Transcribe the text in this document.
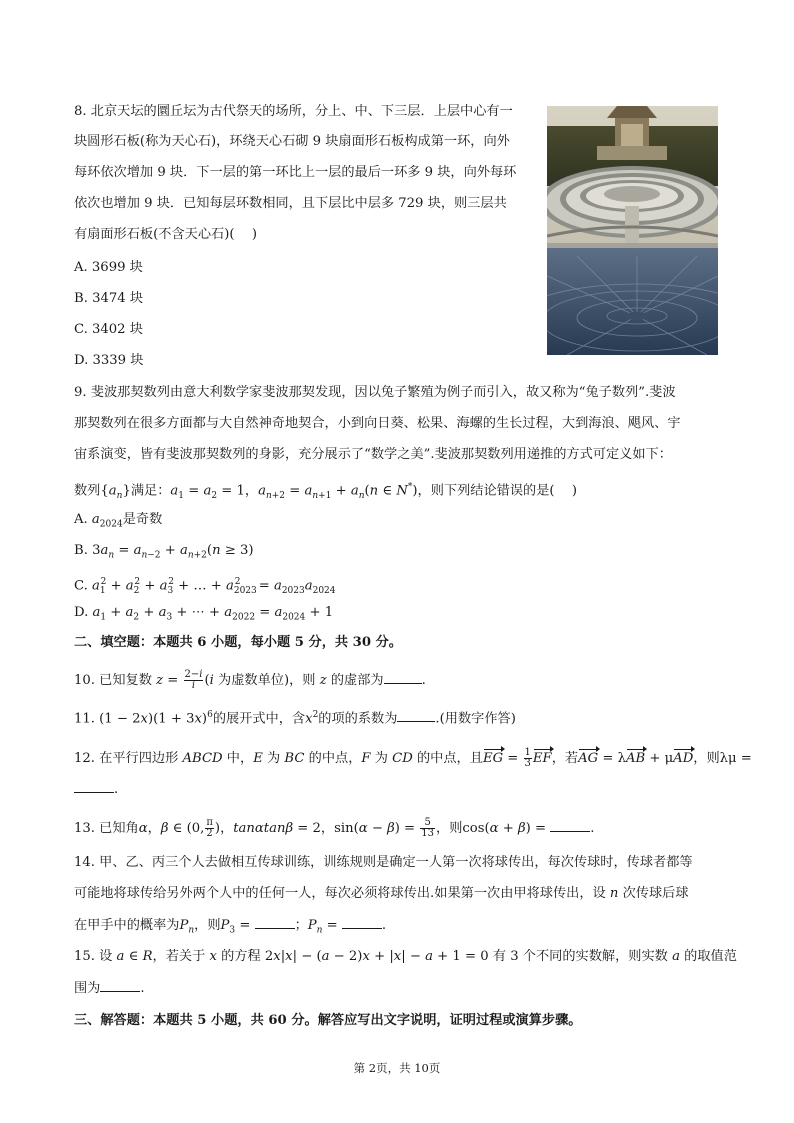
8. 北京天坛的圜丘坛为古代祭天的场所，分上、中、下三层．上层中心有一
块圆形石板(称为天心石)，环绕天心石砌 9 块扇面形石板构成第一环，向外
每环依次增加 9 块．下一层的第一环比上一层的最后一环多 9 块，向外每环
依次也增加 9 块．已知每层环数相同，且下层比中层多 729 块，则三层共
有扇面形石板(不含天心石)(　 )
A. 3699 块
B. 3474 块
C. 3402 块
D. 3339 块
9. 斐波那契数列由意大利数学家斐波那契发现，因以兔子繁殖为例子而引入，故又称为“兔子数列”.斐波
那契数列在很多方面都与大自然神奇地契合，小到向日葵、松果、海螺的生长过程，大到海浪、飓风、宇
宙系演变，皆有斐波那契数列的身影，充分展示了“数学之美”.斐波那契数列用递推的方式可定义如下：
数列$\{a_n\}$满足：$a_1 = a_2 = 1$，$a_{n+2} = a_{n+1} + a_n(n$ ∈ N*)，则下列结论错误的是(　 )
A. $a_{2024}$是奇数
B. $3a_n = a_{n-2} + a_{n+2}(n \ge 3)$
C. $a_1^2 + a_2^2 + a_3^2$ + … + $a_{2023}^2 = a_{2023}a_{2024}$
D. $a_1 + a_2 + a_3$ + ⋯ + $a_{2022} = a_{2024} + 1$
二、填空题：本题共 6 小题，每小题 5 分，共 30 分。
10. 已知复数 $z = \frac{2-i}{i} (i$ 为虚数单位)，则 z 的虚部为	.
11. $(1 - 2x)(1 + 3x)^6$的展开式中，含$x^2$的项的系数为	.(用数字作答)
12. 在平行四边形 ABCD 中，E 为 BC 的中点，F 为 CD 的中点，且EG = $\frac{1}{3}$ EF，若AG = λAB + μAD，则λμ =
.
13. 已知角α，β ∈ (0, $\frac{\pi}{2}$ )，tanαtanβ = 2，$\sin(\alpha - \beta) = \frac{5}{13}$ ，则cos(α + β) =	.
14. 甲、乙、丙三个人去做相互传球训练，训练规则是确定一人第一次将球传出，每次传球时，传球者都等
可能地将球传给另外两个人中的任何一人，每次必须将球传出.如果第一次由甲将球传出，设 n 次传球后球
在甲手中的概率为$P_n$，则$P_3$ =	；$P_n$ =	.
15. 设 a ∈ R，若关于 x 的方程 2x|x| − (a − 2)x + |x| − a + 1 = 0 有 3 个不同的实数解，则实数 a 的取值范
围为	.
三、解答题：本题共 5 小题，共 60 分。解答应写出文字说明，证明过程或演算步骤。
第 2页，共 10页
